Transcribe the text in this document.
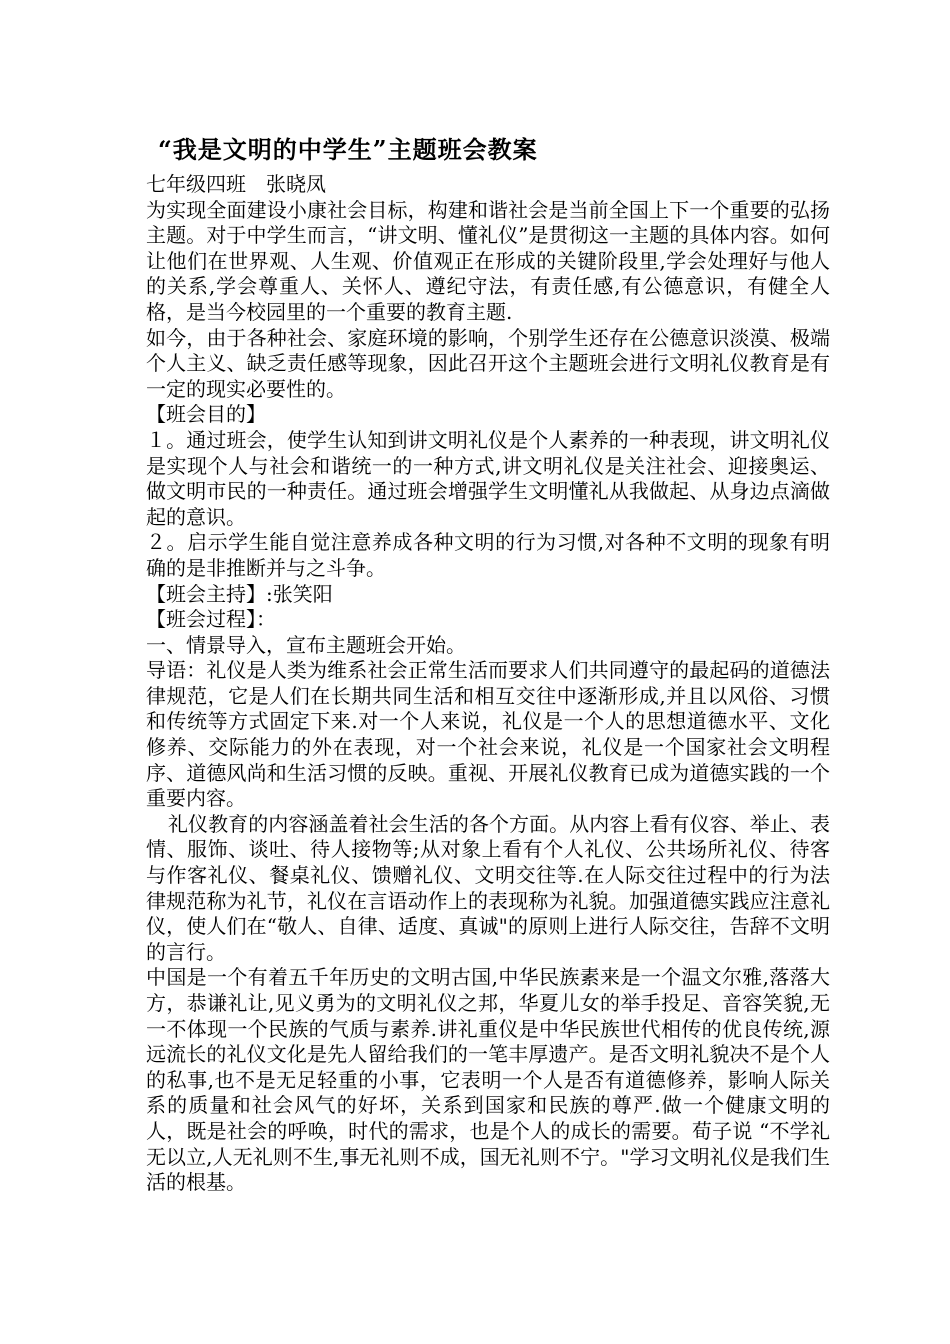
“我是文明的中学生”主题班会教案

七年级四班　张晓凤

为实现全面建设小康社会目标，构建和谐社会是当前全国上下一个重要的弘扬主题。对于中学生而言，“讲文明、懂礼仪”是贯彻这一主题的具体内容。如何让他们在世界观、人生观、价值观正在形成的关键阶段里,学会处理好与他人的关系,学会尊重人、关怀人、遵纪守法，有责任感,有公德意识，有健全人格，是当今校园里的一个重要的教育主题.

如今，由于各种社会、家庭环境的影响，个别学生还存在公德意识淡漠、极端个人主义、缺乏责任感等现象，因此召开这个主题班会进行文明礼仪教育是有一定的现实必要性的。

【班会目的】

１。通过班会，使学生认知到讲文明礼仪是个人素养的一种表现，讲文明礼仪是实现个人与社会和谐统一的一种方式,讲文明礼仪是关注社会、迎接奥运、做文明市民的一种责任。通过班会增强学生文明懂礼从我做起、从身边点滴做起的意识。

２。启示学生能自觉注意养成各种文明的行为习惯,对各种不文明的现象有明确的是非推断并与之斗争。

【班会主持】:张笑阳

【班会过程】：

一、情景导入，宣布主题班会开始。

导语：礼仪是人类为维系社会正常生活而要求人们共同遵守的最起码的道德法律规范，它是人们在长期共同生活和相互交往中逐渐形成,并且以风俗、习惯和传统等方式固定下来.对一个人来说，礼仪是一个人的思想道德水平、文化修养、交际能力的外在表现，对一个社会来说，礼仪是一个国家社会文明程序、道德风尚和生活习惯的反映。重视、开展礼仪教育已成为道德实践的一个重要内容。

礼仪教育的内容涵盖着社会生活的各个方面。从内容上看有仪容、举止、表情、服饰、谈吐、待人接物等;从对象上看有个人礼仪、公共场所礼仪、待客与作客礼仪、餐桌礼仪、馈赠礼仪、文明交往等.在人际交往过程中的行为法律规范称为礼节，礼仪在言语动作上的表现称为礼貌。加强道德实践应注意礼仪，使人们在“敬人、自律、适度、真诚"的原则上进行人际交往，告辞不文明的言行。

中国是一个有着五千年历史的文明古国,中华民族素来是一个温文尔雅,落落大方，恭谦礼让,见义勇为的文明礼仪之邦，华夏儿女的举手投足、音容笑貌,无一不体现一个民族的气质与素养.讲礼重仪是中华民族世代相传的优良传统,源远流长的礼仪文化是先人留给我们的一笔丰厚遗产。是否文明礼貌决不是个人的私事,也不是无足轻重的小事，它表明一个人是否有道德修养，影响人际关系的质量和社会风气的好坏，关系到国家和民族的尊严.做一个健康文明的人，既是社会的呼唤，时代的需求，也是个人的成长的需要。荀子说 “不学礼无以立,人无礼则不生,事无礼则不成，国无礼则不宁。"学习文明礼仪是我们生活的根基。
